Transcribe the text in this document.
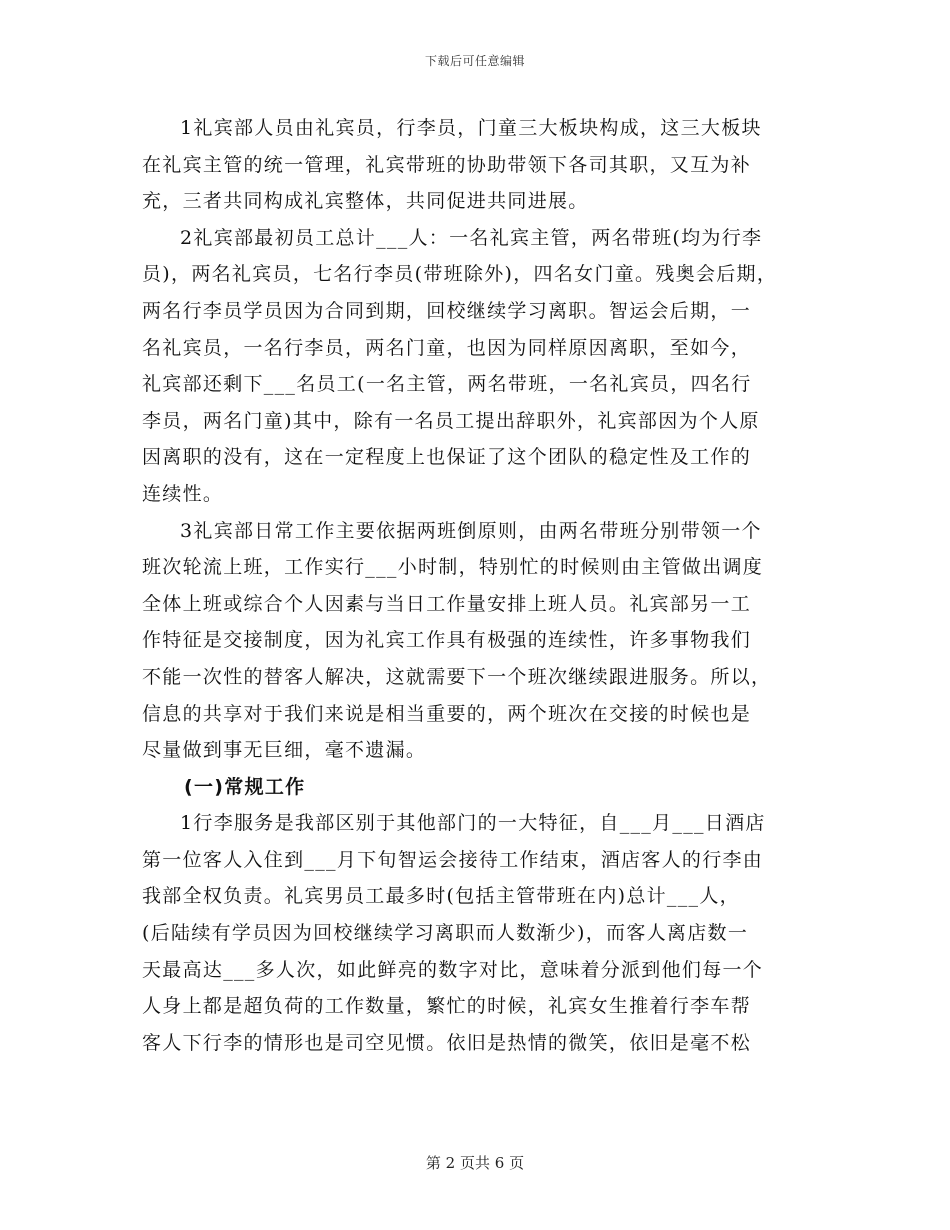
下载后可任意编辑
1礼宾部人员由礼宾员，行李员，门童三大板块构成，这三大板块
在礼宾主管的统一管理，礼宾带班的协助带领下各司其职，又互为补
充，三者共同构成礼宾整体，共同促进共同进展。
2礼宾部最初员工总计___人：一名礼宾主管，两名带班(均为行李
员)，两名礼宾员，七名行李员(带班除外)，四名女门童。残奥会后期，
两名行李员学员因为合同到期，回校继续学习离职。智运会后期，一
名礼宾员，一名行李员，两名门童，也因为同样原因离职，至如今，
礼宾部还剩下___名员工(一名主管，两名带班，一名礼宾员，四名行
李员，两名门童)其中，除有一名员工提出辞职外，礼宾部因为个人原
因离职的没有，这在一定程度上也保证了这个团队的稳定性及工作的
连续性。
3礼宾部日常工作主要依据两班倒原则，由两名带班分别带领一个
班次轮流上班，工作实行___小时制，特别忙的时候则由主管做出调度
全体上班或综合个人因素与当日工作量安排上班人员。礼宾部另一工
作特征是交接制度，因为礼宾工作具有极强的连续性，许多事物我们
不能一次性的替客人解决，这就需要下一个班次继续跟进服务。所以，
信息的共享对于我们来说是相当重要的，两个班次在交接的时候也是
尽量做到事无巨细，毫不遗漏。
(一)常规工作
1行李服务是我部区别于其他部门的一大特征，自___月___日酒店
第一位客人入住到___月下旬智运会接待工作结束，酒店客人的行李由
我部全权负责。礼宾男员工最多时(包括主管带班在内)总计___人，
(后陆续有学员因为回校继续学习离职而人数渐少)，而客人离店数一
天最高达___多人次，如此鲜亮的数字对比，意味着分派到他们每一个
人身上都是超负荷的工作数量，繁忙的时候，礼宾女生推着行李车帮
客人下行李的情形也是司空见惯。依旧是热情的微笑，依旧是毫不松
第 2 页共 6 页
